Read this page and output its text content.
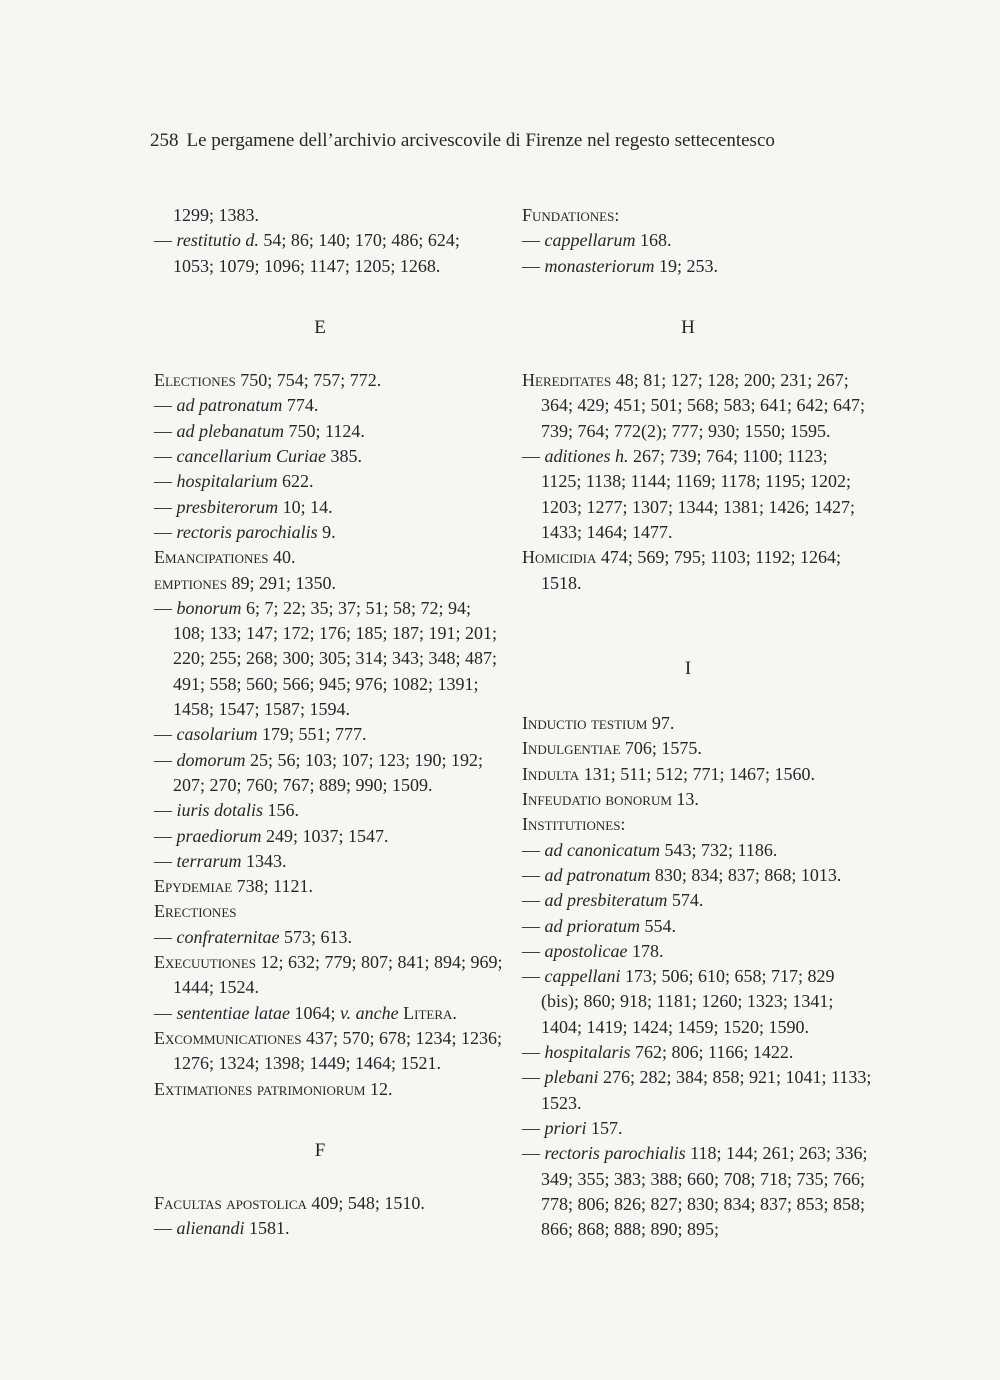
258 Le pergamene dell’archivio arcivescovile di Firenze nel regesto settecentesco
1299; 1383.
— restitutio d. 54; 86; 140; 170; 486; 624; 1053; 1079; 1096; 1147; 1205; 1268.
E
Electiones 750; 754; 757; 772.
— ad patronatum 774.
— ad plebanatum 750; 1124.
— cancellarium Curiae 385.
— hospitalarium 622.
— presbiterorum 10; 14.
— rectoris parochialis 9.
Emancipationes 40.
emptiones 89; 291; 1350.
— bonorum 6; 7; 22; 35; 37; 51; 58; 72; 94; 108; 133; 147; 172; 176; 185; 187; 191; 201; 220; 255; 268; 300; 305; 314; 343; 348; 487; 491; 558; 560; 566; 945; 976; 1082; 1391; 1458; 1547; 1587; 1594.
— casolarium 179; 551; 777.
— domorum 25; 56; 103; 107; 123; 190; 192; 207; 270; 760; 767; 889; 990; 1509.
— iuris dotalis 156.
— praediorum 249; 1037; 1547.
— terrarum 1343.
Epydemiae 738; 1121.
Erectiones
— confraternitae 573; 613.
Execuutiones 12; 632; 779; 807; 841; 894; 969; 1444; 1524.
— sententiae latae 1064; v. anche Litera.
Excommunicationes 437; 570; 678; 1234; 1236; 1276; 1324; 1398; 1449; 1464; 1521.
Extimationes patrimoniorum 12.
F
Facultas apostolica 409; 548; 1510.
— alienandi 1581.
Fundationes:
— cappellarum 168.
— monasteriorum 19; 253.
H
Hereditates 48; 81; 127; 128; 200; 231; 267; 364; 429; 451; 501; 568; 583; 641; 642; 647; 739; 764; 772(2); 777; 930; 1550; 1595.
— aditiones h. 267; 739; 764; 1100; 1123; 1125; 1138; 1144; 1169; 1178; 1195; 1202; 1203; 1277; 1307; 1344; 1381; 1426; 1427; 1433; 1464; 1477.
Homicidia 474; 569; 795; 1103; 1192; 1264; 1518.
I
Inductio testium 97.
Indulgentiae 706; 1575.
Indulta 131; 511; 512; 771; 1467; 1560.
Infeudatio bonorum 13.
Institutiones:
— ad canonicatum 543; 732; 1186.
— ad patronatum 830; 834; 837; 868; 1013.
— ad presbiteratum 574.
— ad prioratum 554.
— apostolicae 178.
— cappellani 173; 506; 610; 658; 717; 829 (bis); 860; 918; 1181; 1260; 1323; 1341; 1404; 1419; 1424; 1459; 1520; 1590.
— hospitalaris 762; 806; 1166; 1422.
— plebani 276; 282; 384; 858; 921; 1041; 1133; 1523.
— priori 157.
— rectoris parochialis 118; 144; 261; 263; 336; 349; 355; 383; 388; 660; 708; 718; 735; 766; 778; 806; 826; 827; 830; 834; 837; 853; 858; 866; 868; 888; 890; 895;
